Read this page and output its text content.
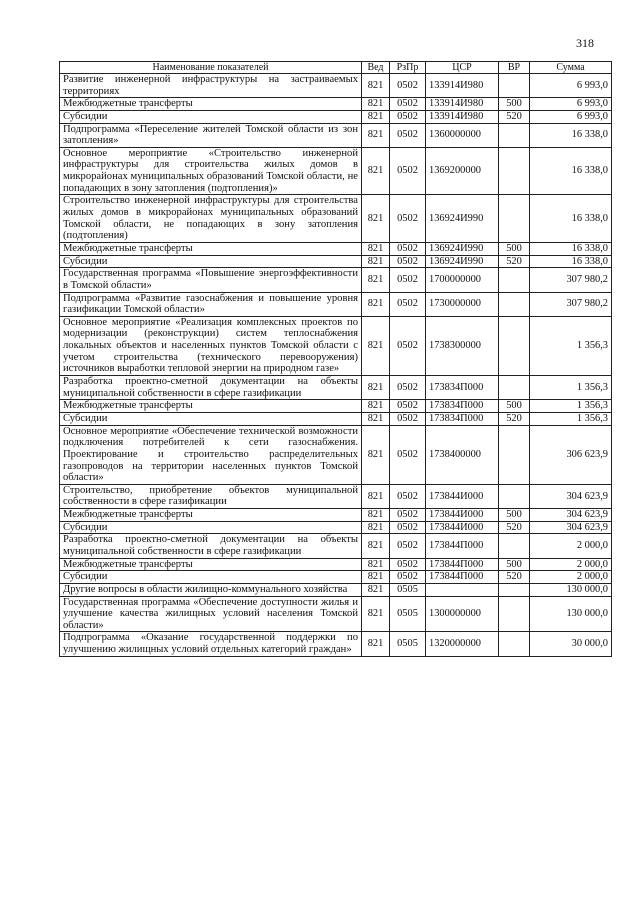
318
Наименование показателей	Вед	РзПр	ЦСР	ВР	Сумма
Развитие инженерной инфраструктуры на застраиваемых территориях	821	0502	133914И980		6 993,0
Межбюджетные трансферты	821	0502	133914И980	500	6 993,0
Субсидии	821	0502	133914И980	520	6 993,0
Подпрограмма «Переселение жителей Томской области из зон затопления»	821	0502	1360000000		16 338,0
Основное мероприятие «Строительство инженерной инфраструктуры для строительства жилых домов в микрорайонах муниципальных образований Томской области, не попадающих в зону затопления (подтопления)»	821	0502	1369200000		16 338,0
Строительство инженерной инфраструктуры для строительства жилых домов в микрорайонах муниципальных образований Томской области, не попадающих в зону затопления (подтопления)	821	0502	136924И990		16 338,0
Межбюджетные трансферты	821	0502	136924И990	500	16 338,0
Субсидии	821	0502	136924И990	520	16 338,0
Государственная программа «Повышение энергоэффективности в Томской области»	821	0502	1700000000		307 980,2
Подпрограмма «Развитие газоснабжения и повышение уровня газификации Томской области»	821	0502	1730000000		307 980,2
Основное мероприятие «Реализация комплексных проектов по модернизации (реконструкции) систем теплоснабжения локальных объектов и населенных пунктов Томской области с учетом строительства (технического перевооружения) источников выработки тепловой энергии на природном газе»	821	0502	1738300000		1 356,3
Разработка проектно-сметной документации на объекты муниципальной собственности в сфере газификации	821	0502	173834П000		1 356,3
Межбюджетные трансферты	821	0502	173834П000	500	1 356,3
Субсидии	821	0502	173834П000	520	1 356,3
Основное мероприятие «Обеспечение технической возможности подключения потребителей к сети газоснабжения. Проектирование и строительство распределительных газопроводов на территории населенных пунктов Томской области»	821	0502	1738400000		306 623,9
Строительство, приобретение объектов муниципальной собственности в сфере газификации	821	0502	173844И000		304 623,9
Межбюджетные трансферты	821	0502	173844И000	500	304 623,9
Субсидии	821	0502	173844И000	520	304 623,9
Разработка проектно-сметной документации на объекты муниципальной собственности в сфере газификации	821	0502	173844П000		2 000,0
Межбюджетные трансферты	821	0502	173844П000	500	2 000,0
Субсидии	821	0502	173844П000	520	2 000,0
Другие вопросы в области жилищно-коммунального хозяйства	821	0505			130 000,0
Государственная программа «Обеспечение доступности жилья и улучшение качества жилищных условий населения Томской области»	821	0505	1300000000		130 000,0
Подпрограмма «Оказание государственной поддержки по улучшению жилищных условий отдельных категорий граждан»	821	0505	1320000000		30 000,0
